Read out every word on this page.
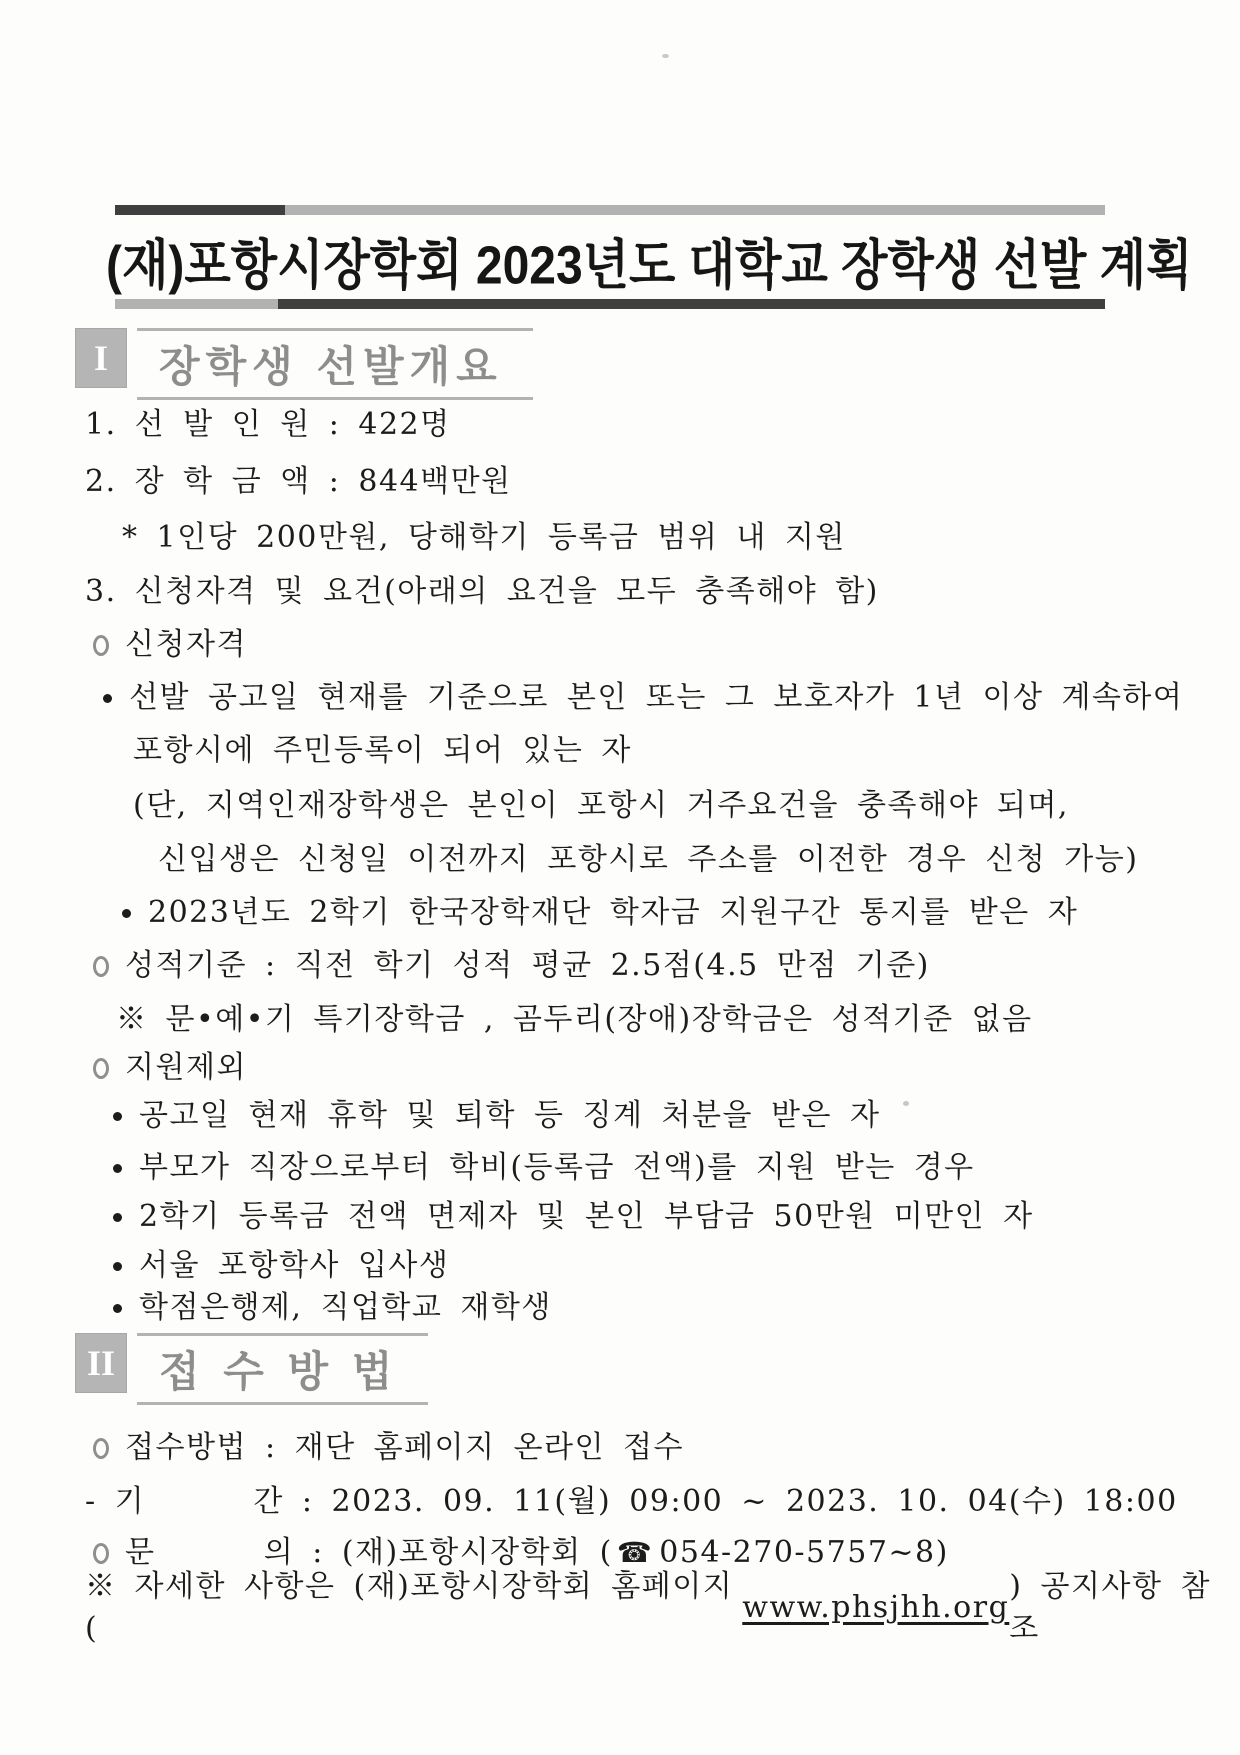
(재)포항시장학회 2023년도 대학교 장학생 선발 계획
I	장학생 선발개요
1. 선 발 인 원 : 422명
2. 장 학 금 액 : 844백만원
* 1인당 200만원, 당해학기 등록금 범위 내 지원
3. 신청자격 및 요건(아래의 요건을 모두 충족해야 함)
신청자격
선발 공고일 현재를 기준으로 본인 또는 그 보호자가 1년 이상 계속하여
포항시에 주민등록이 되어 있는 자
(단, 지역인재장학생은 본인이 포항시 거주요건을 충족해야 되며,
신입생은 신청일 이전까지 포항시로 주소를 이전한 경우 신청 가능)
2023년도 2학기 한국장학재단 학자금 지원구간 통지를 받은 자
성적기준 : 직전 학기 성적 평균 2.5점(4.5 만점 기준)
※ 문•예•기 특기장학금 , 곰두리(장애)장학금은 성적기준 없음
지원제외
공고일 현재 휴학 및 퇴학 등 징계 처분을 받은 자
부모가 직장으로부터 학비(등록금 전액)를 지원 받는 경우
2학기 등록금 전액 면제자 및 본인 부담금 50만원 미만인 자
서울 포항학사 입사생
학점은행제, 직업학교 재학생
II	접 수 방 법
접수방법 : 재단 홈페이지 온라인 접수
- 기      간 : 2023. 09. 11(월) 09:00 ~ 2023. 10. 04(수) 18:00
문      의 : (재)포항시장학회 ( ☎ 054-270-5757~8 )
※ 자세한 사항은 (재)포항시장학회 홈페이지(
www.phsjhh.org
) 공지사항 참조
